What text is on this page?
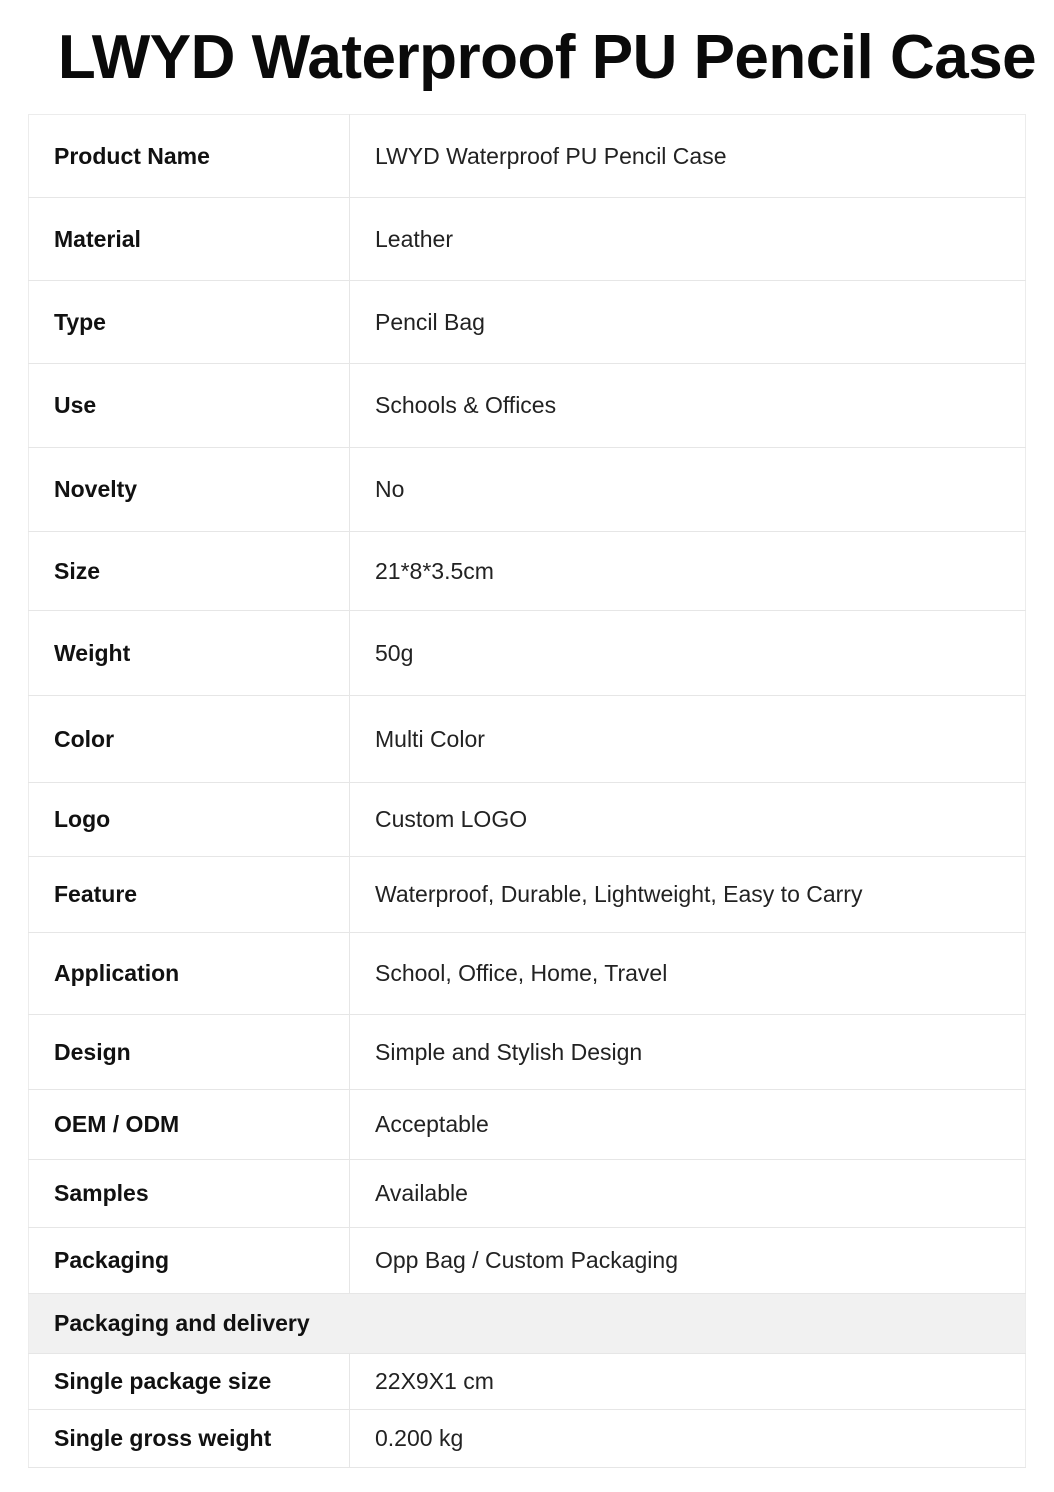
LWYD Waterproof PU Pencil Case
Product Name	LWYD Waterproof PU Pencil Case
Material	Leather
Type	Pencil Bag
Use	Schools & Offices
Novelty	No
Size	21*8*3.5cm
Weight	50g
Color	Multi Color
Logo	Custom LOGO
Feature	Waterproof, Durable, Lightweight, Easy to Carry
Application	School, Office, Home, Travel
Design	Simple and Stylish Design
OEM / ODM	Acceptable
Samples	Available
Packaging	Opp Bag / Custom Packaging
Packaging and delivery	
Single package size	22X9X1 cm
Single gross weight	0.200 kg
